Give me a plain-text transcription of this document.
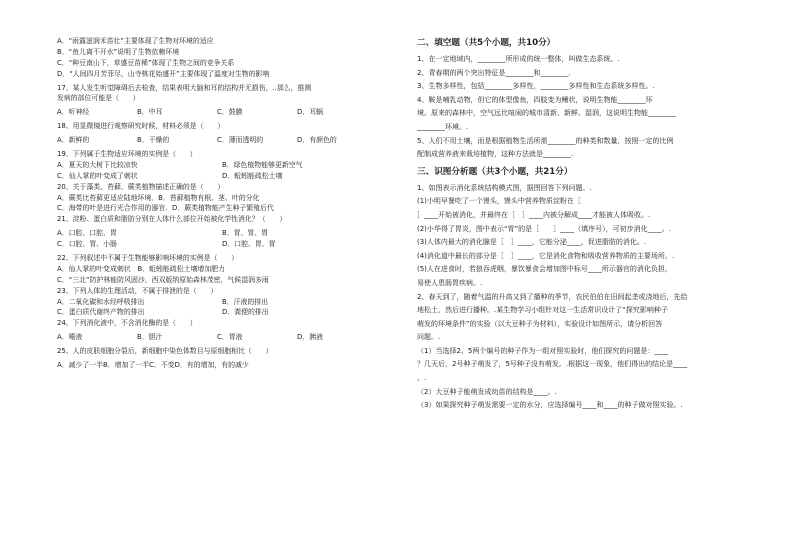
A．“雨露滋润禾苗壮”主要体现了生物对环境的适应
B．“鱼儿离不开水”说明了生物依赖环境
C．“种豆南山下，草盛豆苗稀”体现了生物之间的竞争关系
D．“人间四月芳菲尽，山寺桃花始盛开”主要体现了温度对生物的影响
17、某人发生听觉障碍后去检查，结果表明大脑和耳的结构并无损伤，..那么，推测
发病的部位可能是（　　）
A．听神经	B．中耳	C．鼓膜	D．耳蜗
18、用显微镜进行观察研究时候，材料必须是（　　）
A．新鲜的	B．干燥的	C．薄而透明的	D．有颜色的
19、下列属于生物适应环境的实例是（　　）
A．夏天的大树下比较凉快	B．绿色植物能够更新空气
C．仙人掌的叶变成了刺状	D．蚯蚓能疏松土壤
20、关于藻类、苔藓、蕨类植物描述正确的是（　　）
A．蕨类比苔藓更适应陆地环境．B．苔藓植物有根、茎、叶的分化
C．海带的叶是进行光合作用的器官．D．蕨类植物能产生种子繁殖后代
21、淀粉、蛋白质和脂肪分别在人体什么部位开始被化学性消化？（　　）
A．口腔、口腔、胃	B．胃、胃、胃
C．口腔、胃、小肠	D．口腔、胃、胃
22、下列叙述中不属于生物能够影响环境的实例是（　　）
A．仙人掌的叶变成刺状　B．蚯蚓能疏松土壤增加肥力
C．“三北”防护林能防风固沙，西双版纳原始森林茂密，气候湿润多雨
23、下列人体的生理活动，不属于排泄的是（　　）
A．二氧化碳和水经呼吸排出	B．汗液的排出
C．蛋白质代谢终产物的排出	D．粪便的排出
24、下列消化液中，不含消化酶的是（　　）
A．唾液	B．胆汁	C．胃液	D．胰液
25、人的皮肤细胞分裂后，新细胞中染色体数目与原细胞相比（　　）
A．减少了一半B．增加了一半C．不变D．有的增加，有的减少
二、填空题（共5个小题，共10分）
1、在一定地域内，________所形成的统一整体，叫做生态系统。.
2、青春期的两个突出特征是________和________.
3、生物多样性，包括________多样性，________多样性和生态系统多样性。.
4、鞍是哺乳动物，但它的体型像鱼，四肢变为鳍状，说明生物能________环
境。原来的森林中，空气远比喧闹的城市清新、新鲜、湿润，这说明生物能________
________环境。.
5、人们不用土壤，而是根据植物生活所需________的种类和数量，按照一定的比例
配制成营养液来栽培植物，这种方法就是________.
三、识图分析题（共3个小题，共21分）
1、如图表示消化系统结构模式图，据图回答下列问题。.
(1)小明早餐吃了一个馒头，馒头中营养物质淀粉在［　
］____开始被消化，并最终在［　］____内被分解成____才能被人体吸收。.
(2)小华得了胃炎，图中表示“胃”的是［　　］____（填序号），可初步消化____。.
(3)人体内最大的消化腺是［　］____，它能分泌____，促进脂肪的消化。.
(4)消化道中最长的部分是［　］____，它是消化食物和吸收营养物质的主要场所。.
(5)人在进食时，若狼吞虎咽，暴饮暴食会增加图中标号____所示器官的消化负担，
易使人患肠胃疾病。.
2、春天到了，随着气温的升高又到了播种的季节，农民伯伯在田间起垄或浇地后，先给
地松土，然后进行播种。.某生物学习小组针对这一生活常识设计了“探究影响种子
萌发的环境条件”的实验（以大豆种子为材料），实验设计如图所示，请分析回答
问题。.
（1）当选择2、5两个编号的种子作为一组对照实验时，他们探究的问题是：____
？几天后，2号种子萌发了，5号种子没有萌发。.根据这一现象，他们得出的结论是____
。.
（2）大豆种子能萌发成幼苗的结构是____。.
（3）如果探究种子萌发需要一定的水分，应选择编号____和____的种子做对照实验。.
